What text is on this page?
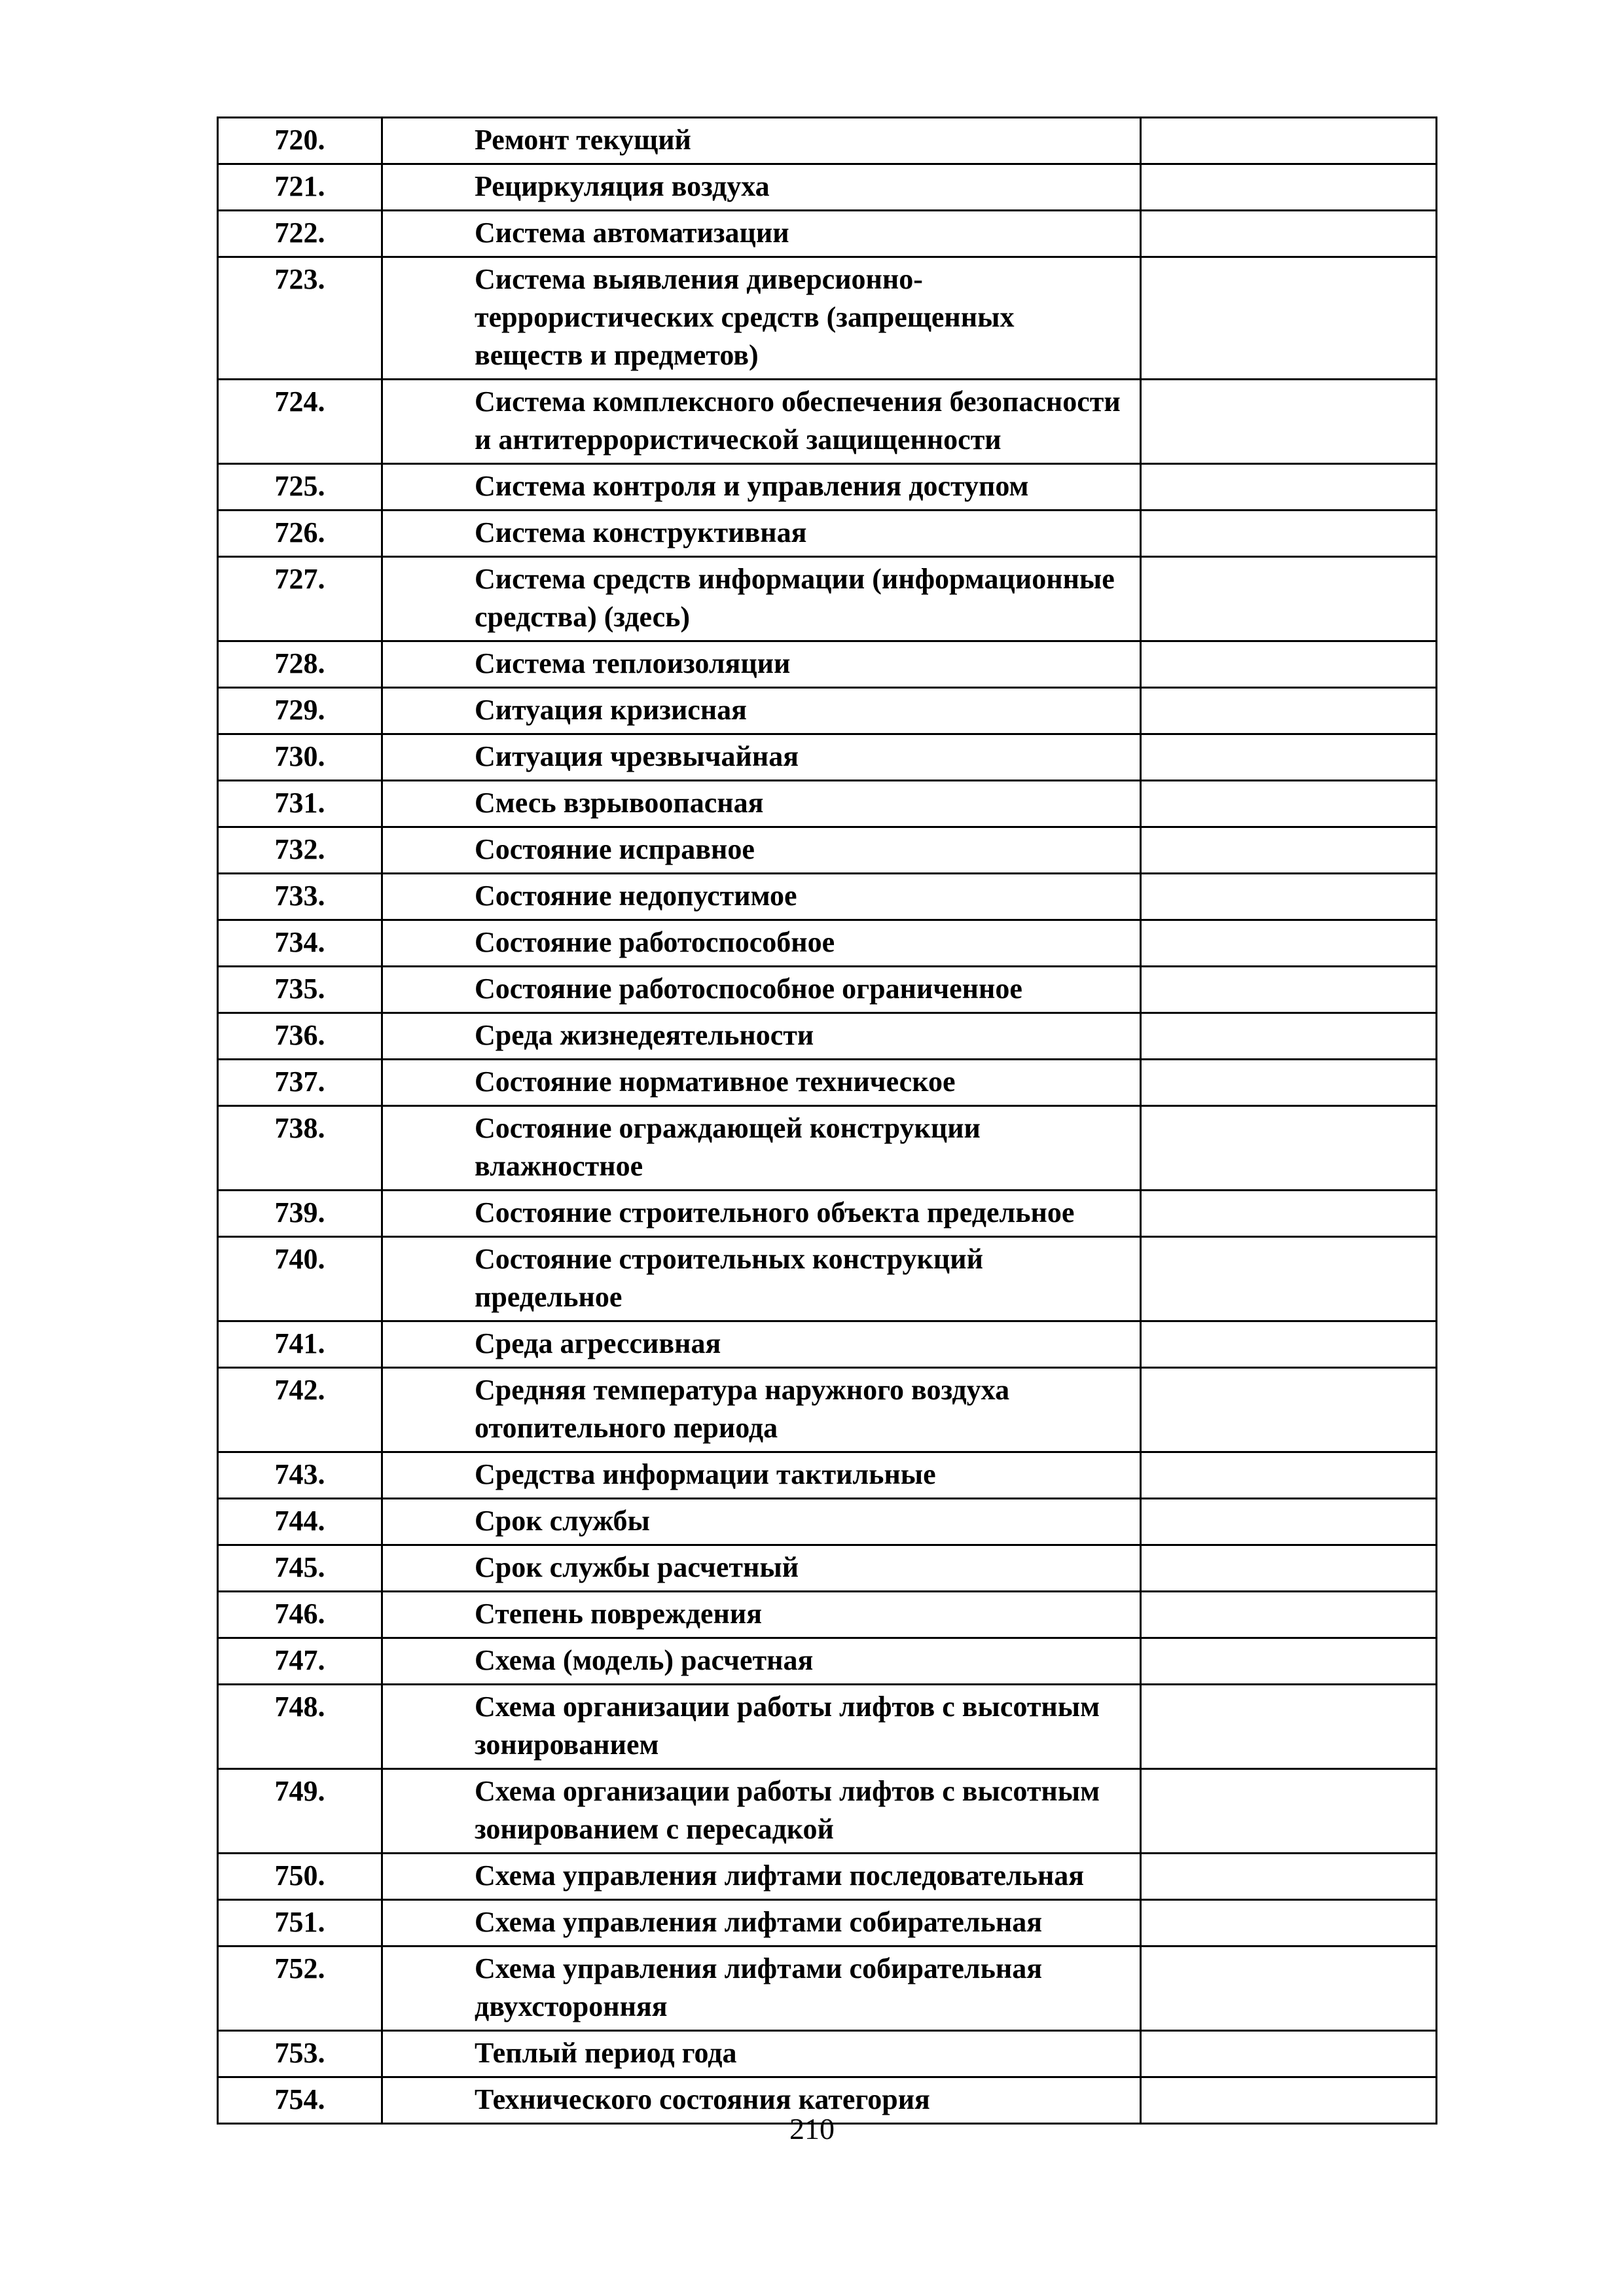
720.	Ремонт текущий	
721.	Рециркуляция воздуха	
722.	Система автоматизации	
723.	Система выявления диверсионно-террористических средств (запрещенных веществ и предметов)	
724.	Система комплексного обеспечения безопасности и антитеррористической защищенности	
725.	Система контроля и управления доступом	
726.	Система конструктивная	
727.	Система средств информации (информационные средства) (здесь)	
728.	Система теплоизоляции	
729.	Ситуация кризисная	
730.	Ситуация чрезвычайная	
731.	Смесь взрывоопасная	
732.	Состояние исправное	
733.	Состояние недопустимое	
734.	Состояние работоспособное	
735.	Состояние работоспособное ограниченное	
736.	Среда жизнедеятельности	
737.	Состояние нормативное техническое	
738.	Состояние ограждающей конструкции влажностное	
739.	Состояние строительного объекта предельное	
740.	Состояние строительных конструкций предельное	
741.	Среда агрессивная	
742.	Средняя температура наружного воздуха отопительного периода	
743.	Средства информации тактильные	
744.	Срок службы	
745.	Срок службы расчетный	
746.	Степень повреждения	
747.	Схема (модель) расчетная	
748.	Схема организации работы лифтов с высотным зонированием	
749.	Схема организации работы лифтов с высотным зонированием с пересадкой	
750.	Схема управления лифтами последовательная	
751.	Схема управления лифтами собирательная	
752.	Схема управления лифтами собирательная двухсторонняя	
753.	Теплый период года	
754.	Технического состояния категория	
210
